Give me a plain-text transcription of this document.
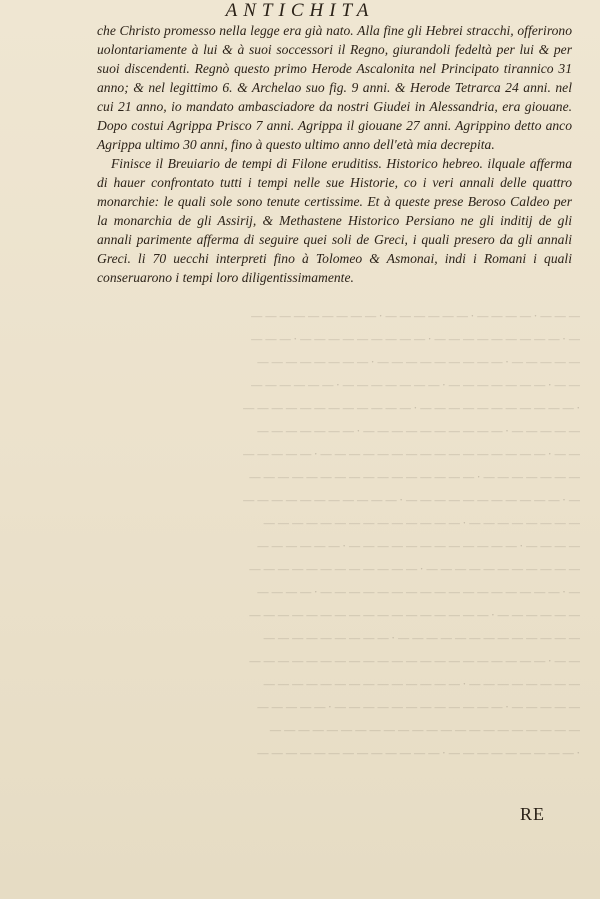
ANTICHITA

che Christo promesso nella legge era già nato. Alla fine gli Hebrei stracchi, offerirono uolontariamente à lui & à suoi soccessori il Regno, giurandoli fedeltà per lui & per suoi discendenti. Regnò questo primo Herode Ascalonita nel Principato tirannico 31 anno; & nel legittimo 6. & Archelao suo fig. 9 anni. & Herode Tetrarca 24 anni. nel cui 21 anno, io mandato ambasciadore da nostri Giudei in Alessandria, era giouane. Dopo costui Agrippa Prisco 7 anni. Agrippa il giouane 27 anni. Agrippino detto anco Agrippa ultimo 30 anni, fino à questo ultimo anno dell'età mia decrepita.

Finisce il Breuiario de tempi di Filone eruditiss. Historico hebreo. ilquale afferma di hauer confrontato tutti i tempi nelle sue Historie, co i veri annali delle quattro monarchie: le quali sole sono tenute certissime. Et à queste prese Beroso Caldeo per la monarchia de gli Assirij, & Methastene Historico Persiano ne gli inditij de gli annali parimente afferma di seguire quei soli de Greci, i quali presero da gli annali Greci. li 70 uecchi interpreti fino à Tolomeo & Asmonai, indi i Romani i quali conseruarono i tempi loro diligentissimamente.

— — — · — — — — · — — — — — — · — — — — — — — — —
— · — — — — — — — — — · — — — — — — — — — · — — —
— — — — — · — — — — — — — — — · — — — — — — — —
— — · — — — — — — — · — — — — — — — · — — — — — —
· — — — — — — — — — — — · — — — — — — — — — — — —
— — — — — · — — — — — — — — — — · — — — — — — —
— — · — — — — — — — — — — — — — — — — · — — — — —
— — — — — — — · — — — — — — — — — — — — — — — —
— · — — — — — — — — — — — · — — — — — — — — — — —
— — — — — — — — · — — — — — — — — — — — — — —
— — — — · — — — — — — — — — — — — · — — — — — —
— — — — — — — — — — — · — — — — — — — — — — — —
— · — — — — — — — — — — — — — — — — — · — — — —
— — — — — — · — — — — — — — — — — — — — — — — —
— — — — — — — — — — — — — · — — — — — — — — —
— — · — — — — — — — — — — — — — — — — — — — — —
— — — — — — — — · — — — — — — — — — — — — — —
— — — — — · — — — — — — — — — — — — · — — — — —
— — — — — — — — — — — — — — — — — — — — — —
· — — — — — — — — — · — — — — — — — — — — — — —
RE
